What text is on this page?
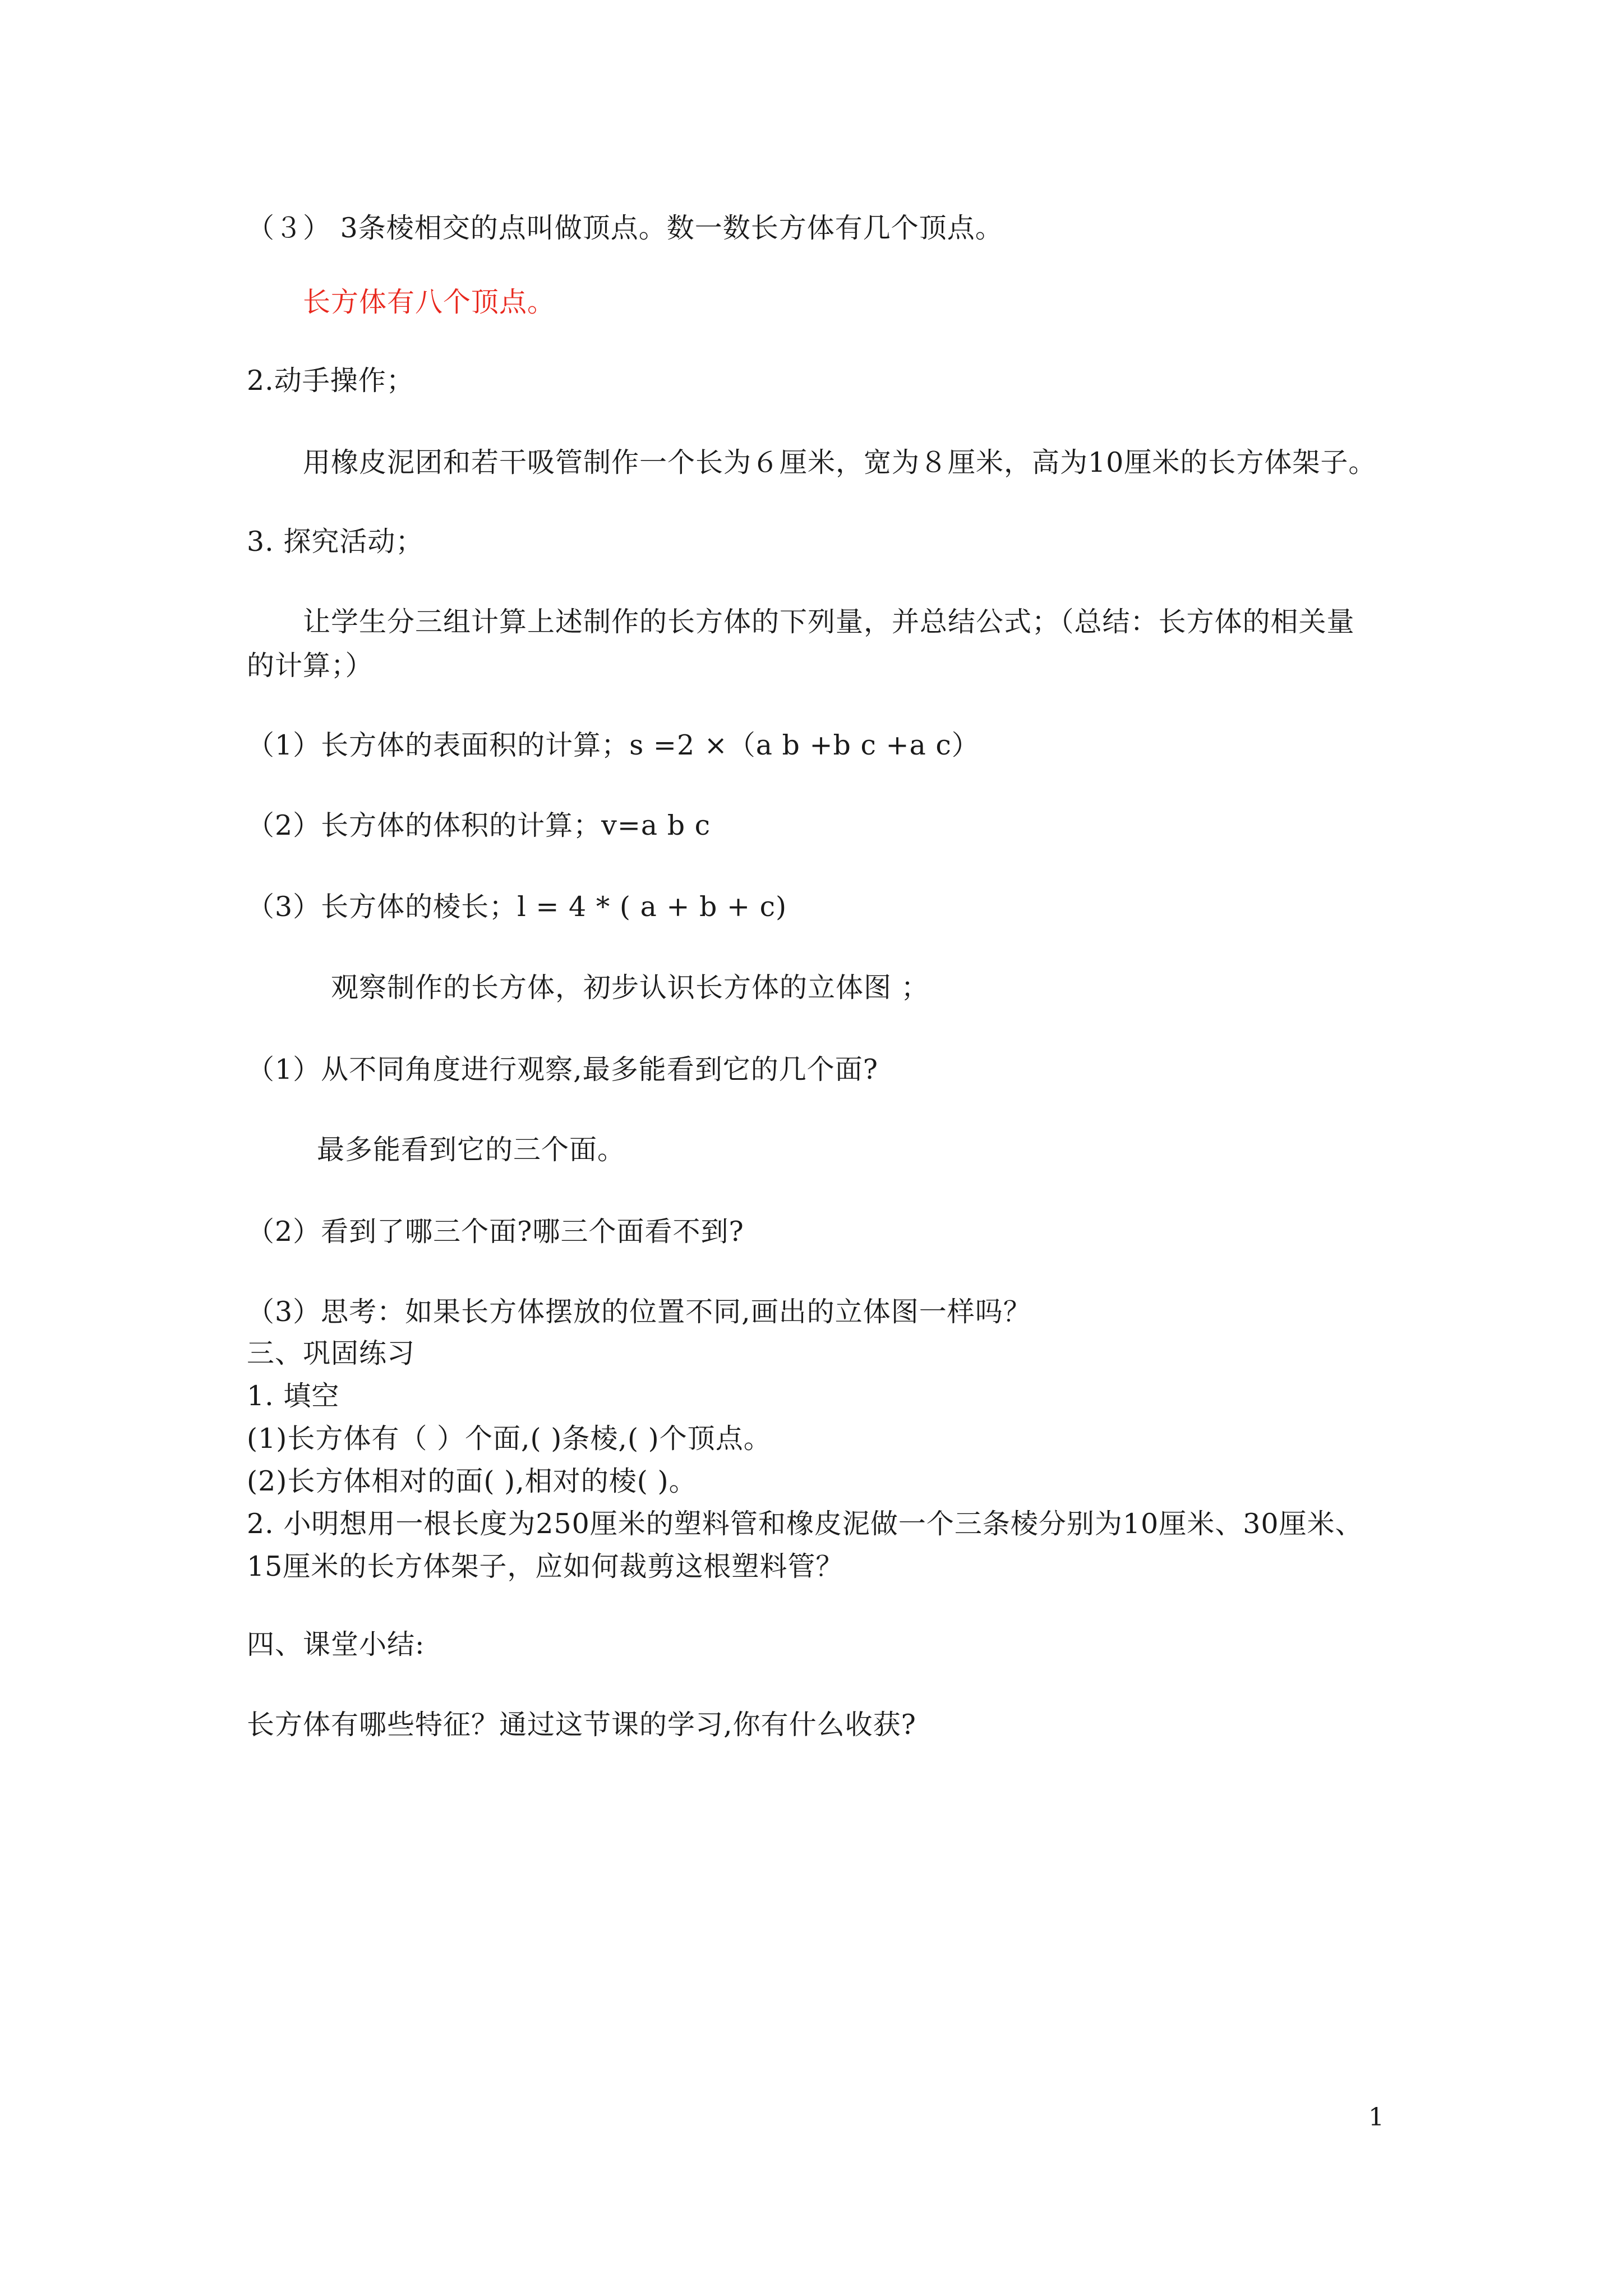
（３） 3条棱相交的点叫做顶点。数一数长方体有几个顶点。
长方体有八个顶点。
2.动手操作；
用橡皮泥团和若干吸管制作一个长为６厘米，宽为８厘米，高为10厘米的长方体架子。
3. 探究活动；
让学生分三组计算上述制作的长方体的下列量，并总结公式；（总结：长方体的相关量
的计算；）
（1）长方体的表面积的计算；s =2 ×（a b +b c +a c）
（2）长方体的体积的计算；v=a b c
（3）长方体的棱长；l = 4 * ( a + b + c)
观察制作的长方体，初步认识长方体的立体图 ；
（1）从不同角度进行观察,最多能看到它的几个面?
最多能看到它的三个面。
（2）看到了哪三个面?哪三个面看不到?
（3）思考：如果长方体摆放的位置不同,画出的立体图一样吗？
三、巩固练习
1. 填空
(1)长方体有（ ）个面,( )条棱,( )个顶点。
(2)长方体相对的面( ),相对的棱( )。
2. 小明想用一根长度为250厘米的塑料管和橡皮泥做一个三条棱分别为10厘米、30厘米、
15厘米的长方体架子，应如何裁剪这根塑料管？
四、课堂小结:
长方体有哪些特征？通过这节课的学习,你有什么收获?
1
